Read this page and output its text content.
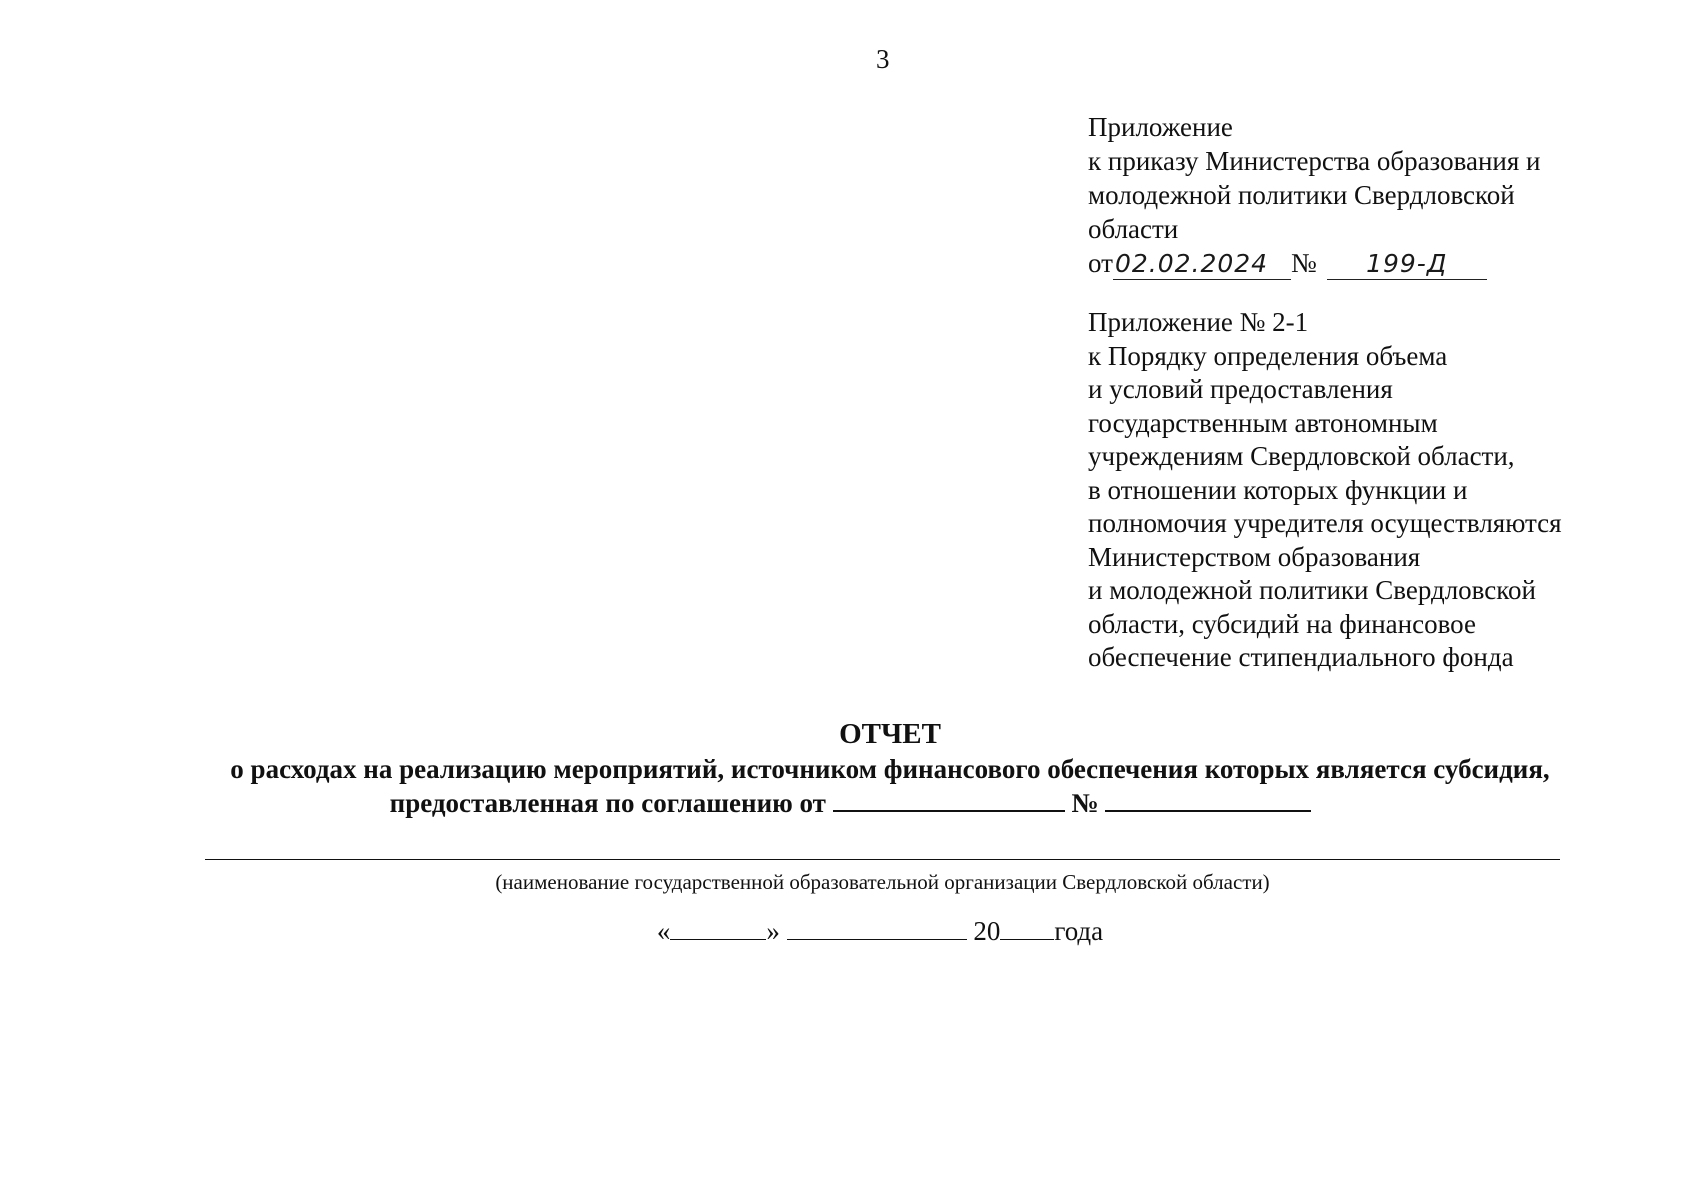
3
Приложение
к приказу Министерства образования и
молодежной политики Свердловской
области
от 02.02.2024 №	199-Д
Приложение № 2-1
к Порядку определения объема
и условий предоставления
государственным автономным
учреждениям Свердловской области,
в отношении которых функции и
полномочия учредителя осуществляются
Министерством образования
и молодежной политики Свердловской
области, субсидий на финансовое
обеспечение стипендиального фонда
ОТЧЕТ
о расходах на реализацию мероприятий, источником финансового обеспечения которых является субсидия,
предоставленная по соглашению от	№
(наименование государственной образовательной организации Свердловской области)
«	»	20 года
